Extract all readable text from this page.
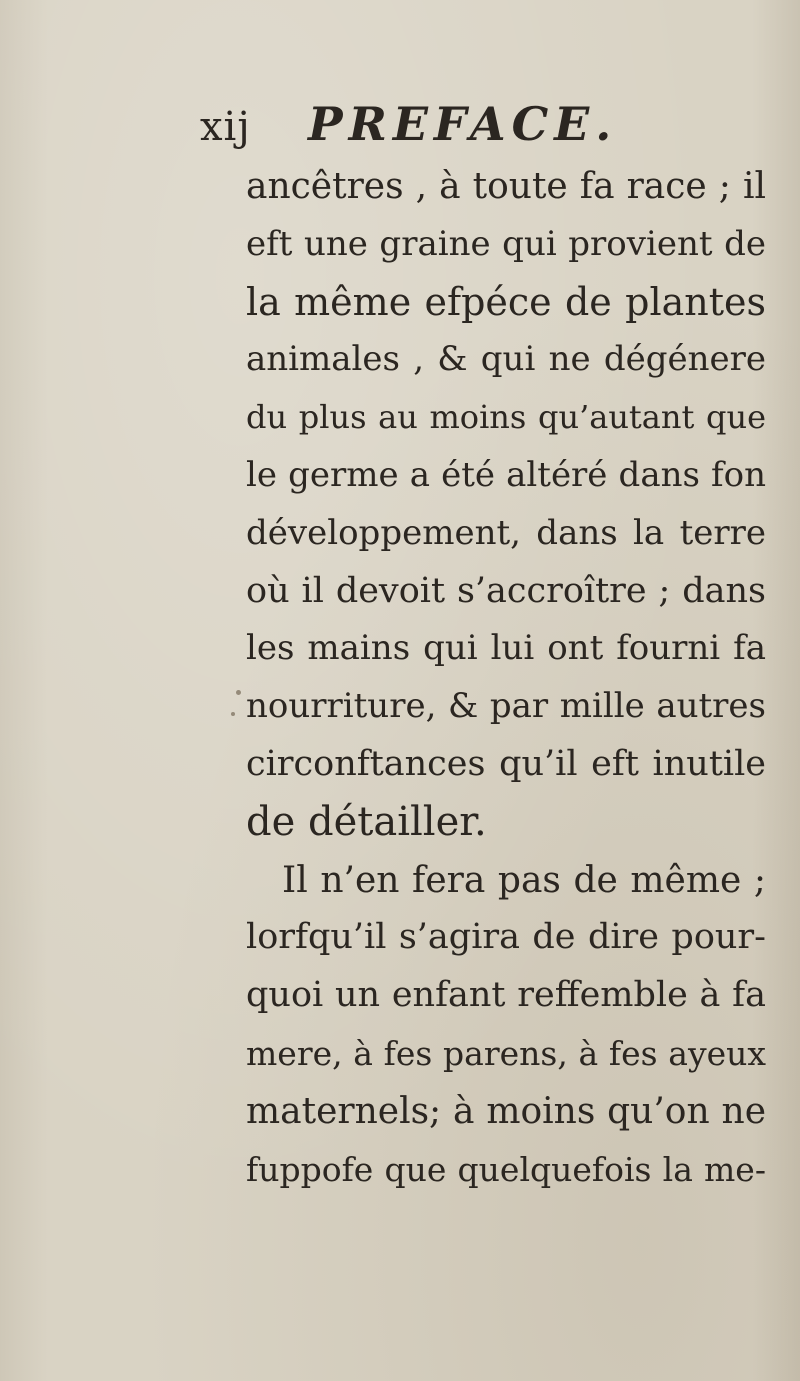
xij PREFACE.
ancêtres , à toute fa race ; il
eft une graine qui provient de
la même efpéce de plantes
animales , & qui ne dégénere
du plus au moins qu’autant que
le germe a été altéré dans fon
développement, dans la terre
où il devoit s’accroître ; dans
les mains qui lui ont fourni fa
nourriture, & par mille autres
circonftances qu’il eft inutile
de détailler.
Il n’en fera pas de même ;
lorfqu’il s’agira de dire pour-
quoi un enfant reffemble à fa
mere, à fes parens, à fes ayeux
maternels; à moins qu’on ne
fuppofe que quelquefois la me-
